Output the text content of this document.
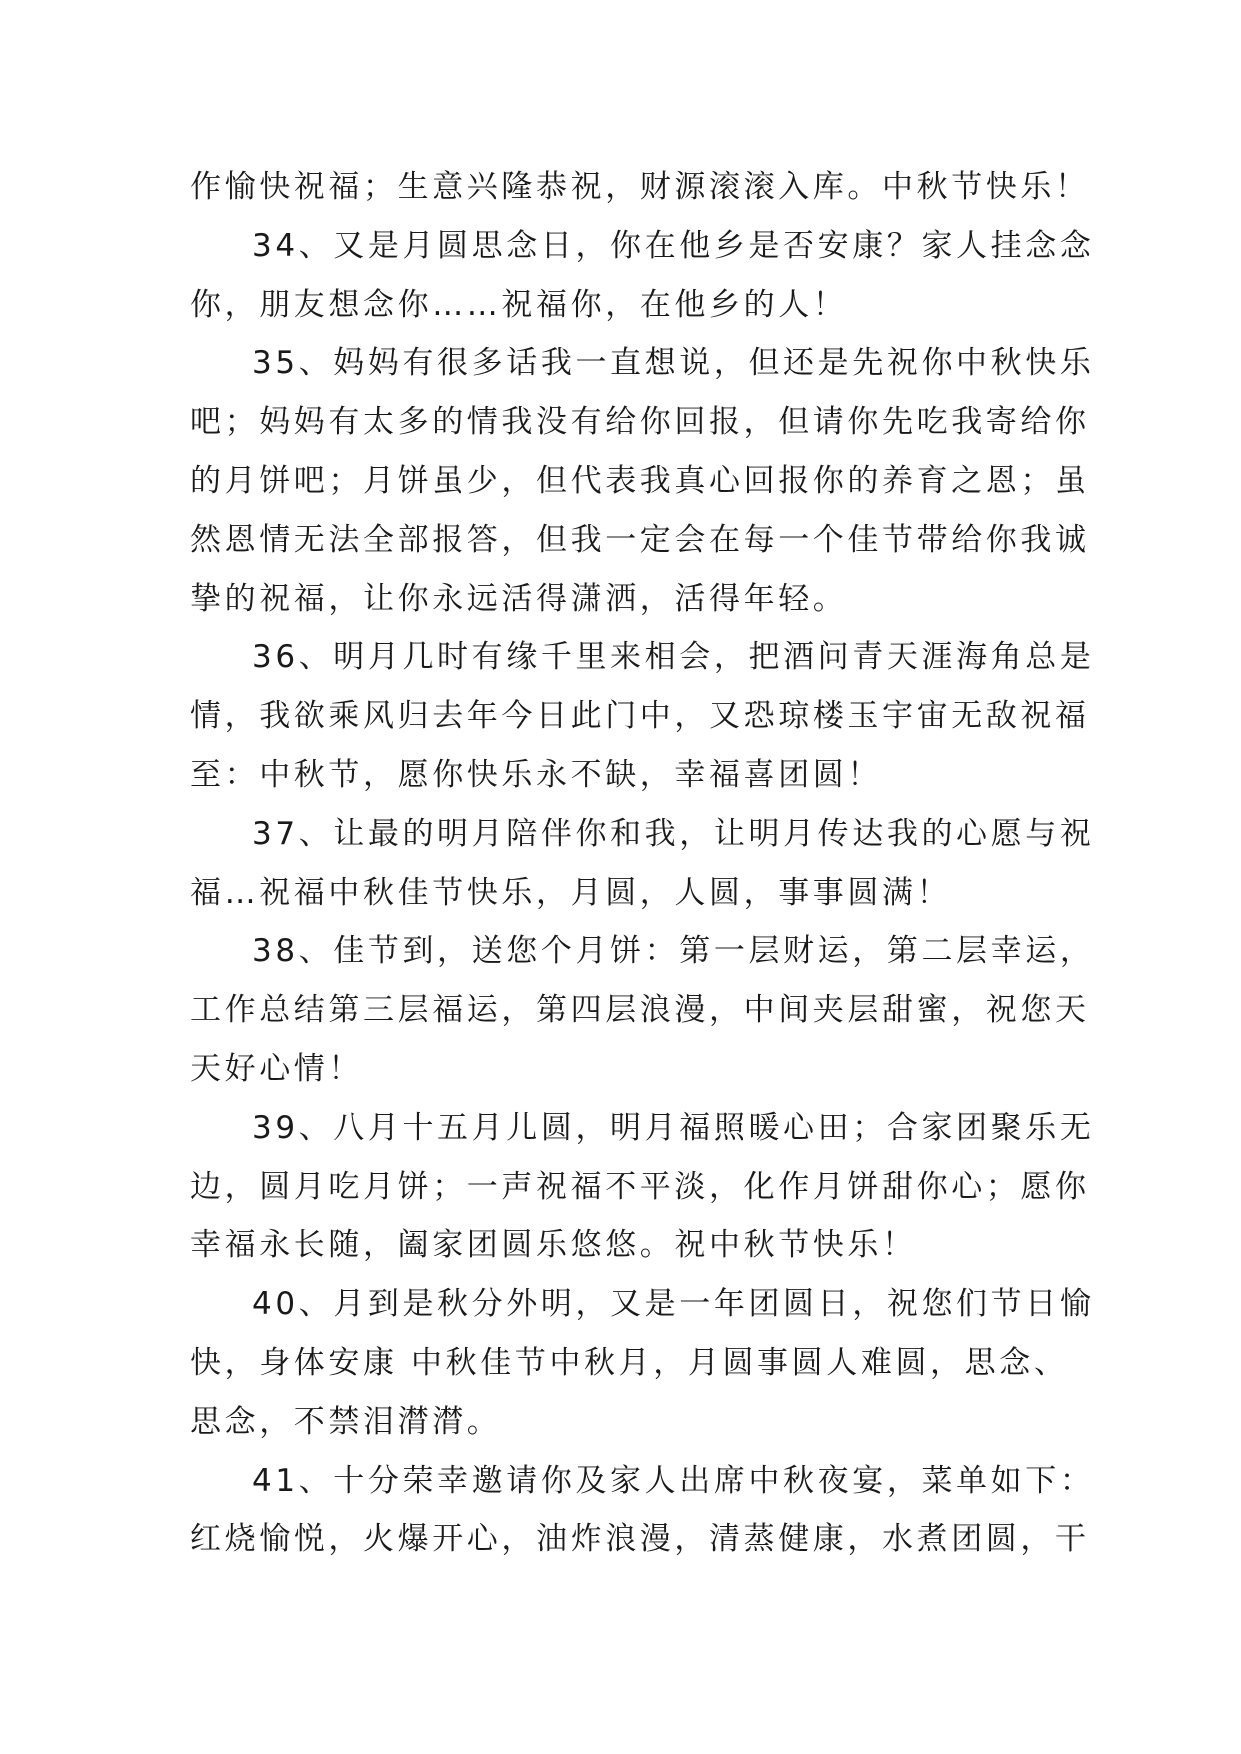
作愉快祝福；生意兴隆恭祝，财源滚滚入库。中秋节快乐！
34、又是月圆思念日，你在他乡是否安康？家人挂念念
你，朋友想念你……祝福你，在他乡的人！
35、妈妈有很多话我一直想说，但还是先祝你中秋快乐
吧；妈妈有太多的情我没有给你回报，但请你先吃我寄给你
的月饼吧；月饼虽少，但代表我真心回报你的养育之恩；虽
然恩情无法全部报答，但我一定会在每一个佳节带给你我诚
挚的祝福，让你永远活得潇洒，活得年轻。
36、明月几时有缘千里来相会，把酒问青天涯海角总是
情，我欲乘风归去年今日此门中，又恐琼楼玉宇宙无敌祝福
至：中秋节，愿你快乐永不缺，幸福喜团圆！
37、让最的明月陪伴你和我，让明月传达我的心愿与祝
福…祝福中秋佳节快乐，月圆，人圆，事事圆满！
38、佳节到，送您个月饼：第一层财运，第二层幸运，
工作总结第三层福运，第四层浪漫，中间夹层甜蜜，祝您天
天好心情！
39、八月十五月儿圆，明月福照暖心田；合家团聚乐无
边，圆月吃月饼；一声祝福不平淡，化作月饼甜你心；愿你
幸福永长随，阖家团圆乐悠悠。祝中秋节快乐！
40、月到是秋分外明，又是一年团圆日，祝您们节日愉
快，身体安康 中秋佳节中秋月，月圆事圆人难圆，思念、
思念，不禁泪潸潸。
41、十分荣幸邀请你及家人出席中秋夜宴，菜单如下：
红烧愉悦，火爆开心，油炸浪漫，清蒸健康，水煮团圆，干
